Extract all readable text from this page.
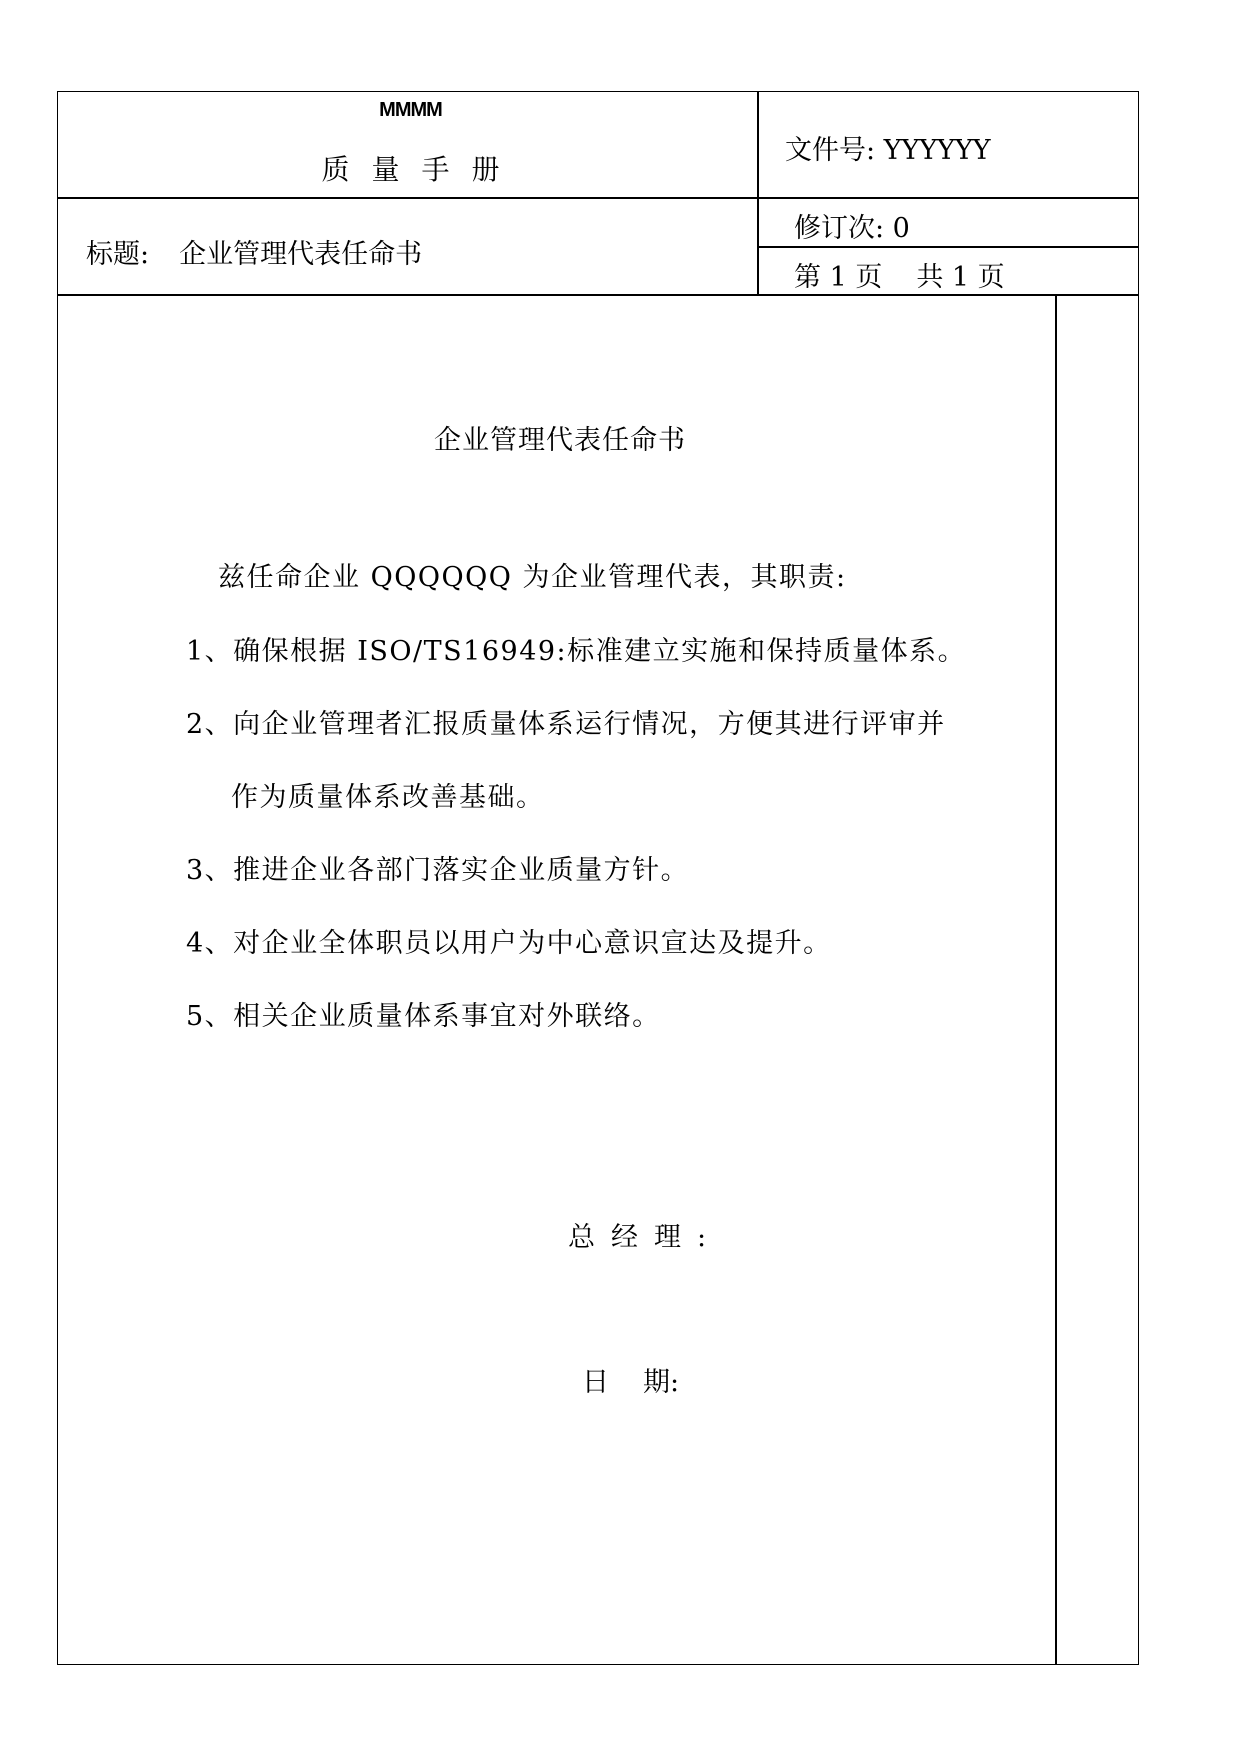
MMMM
质量手册
文件号: YYYYYY
标题: 企业管理代表任命书
修订次: 0
第 1 页 共 1 页
企业管理代表任命书
兹任命企业 QQQQQQ 为企业管理代表，其职责:
1、确保根据 ISO/TS16949:标准建立实施和保持质量体系。
2、向企业管理者汇报质量体系运行情况，方便其进行评审并
作为质量体系改善基础。
3、推进企业各部门落实企业质量方针。
4、对企业全体职员以用户为中心意识宣达及提升。
5、相关企业质量体系事宜对外联络。
总经理:
日 期:
